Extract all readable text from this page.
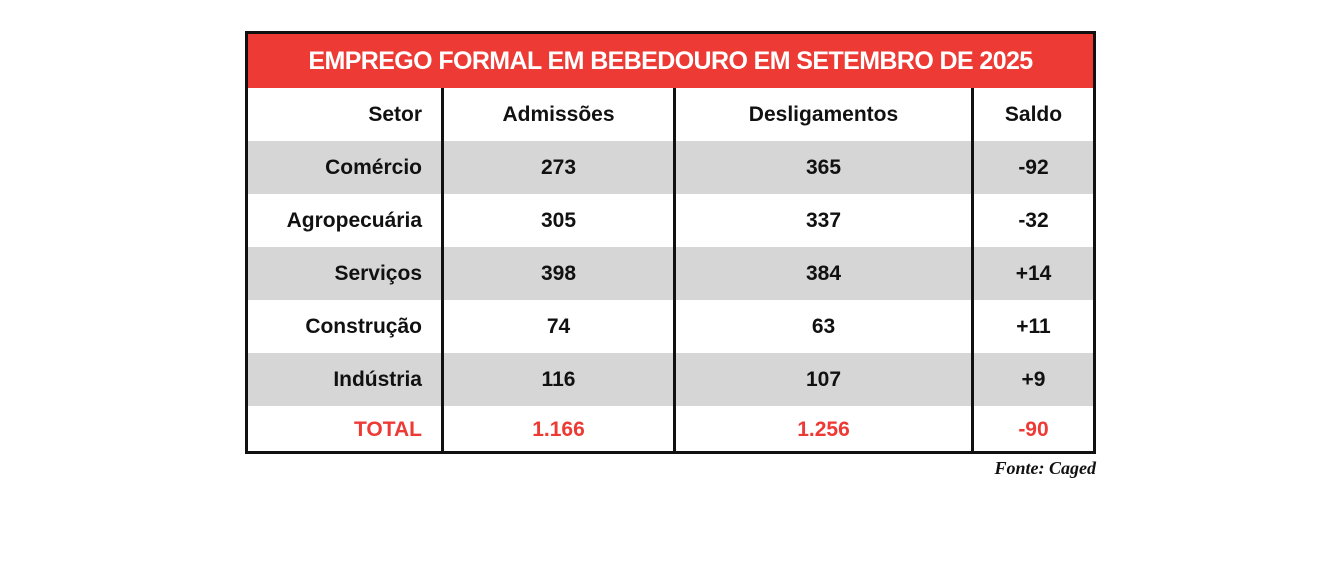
EMPREGO FORMAL EM BEBEDOURO EM SETEMBRO DE 2025
Setor	Admissões	Desligamentos	Saldo
Comércio	273	365	-92
Agropecuária	305	337	-32
Serviços	398	384	+14
Construção	74	63	+11
Indústria	116	107	+9
TOTAL	1.166	1.256	-90
Fonte: Caged
